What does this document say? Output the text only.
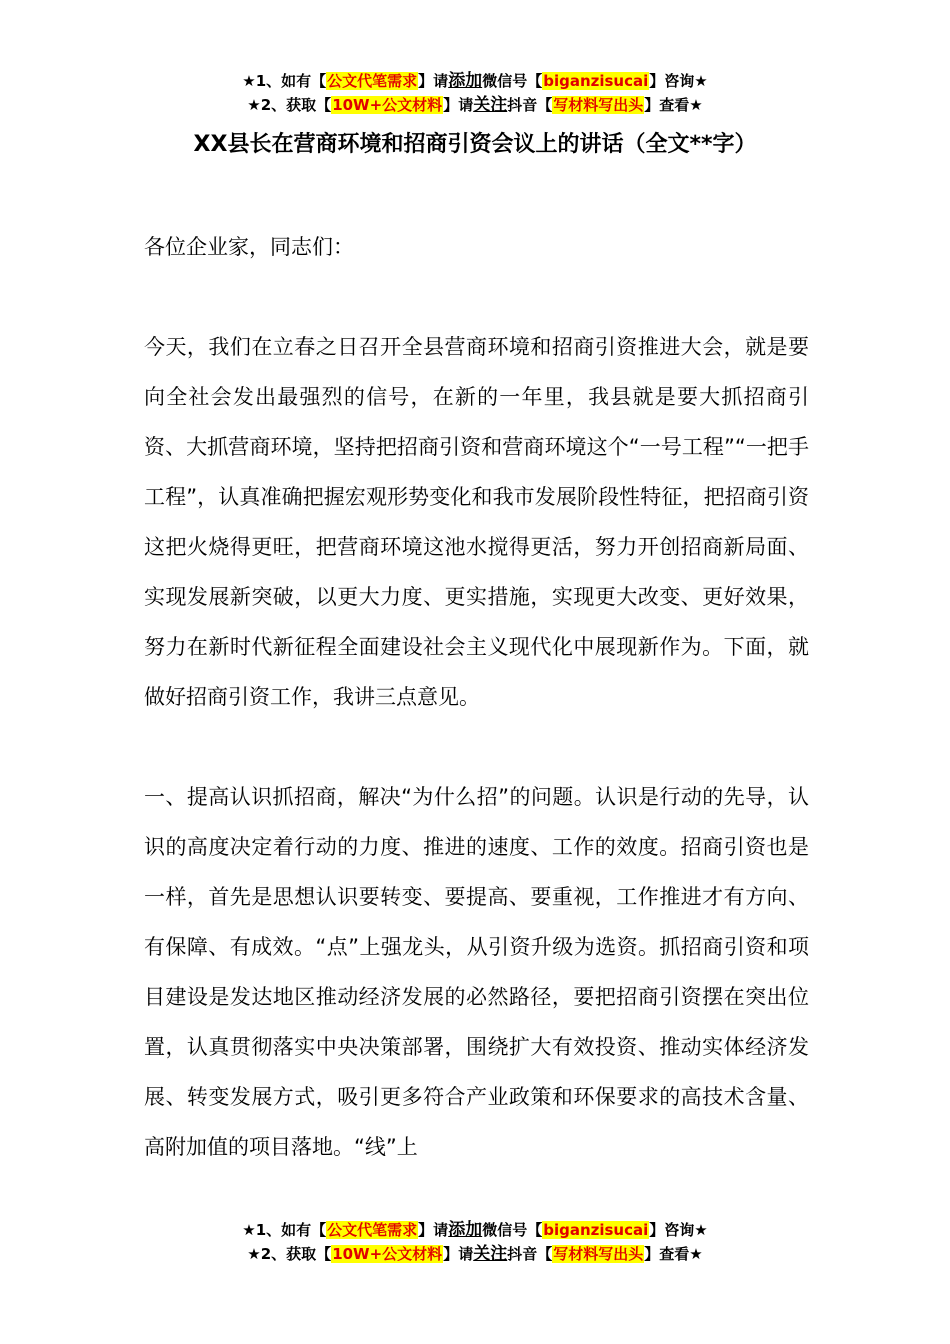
★1、如有【公文代笔需求】请添加微信号【biganzisucai】咨询★
★2、获取【10W+公文材料】请关注抖音【写材料写出头】查看★
XX县长在营商环境和招商引资会议上的讲话（全文**字）

各位企业家，同志们：

今天，我们在立春之日召开全县营商环境和招商引资推进大会，就是要向全社会发出最强烈的信号，在新的一年里，我县就是要大抓招商引资、大抓营商环境，坚持把招商引资和营商环境这个“一号工程”“一把手工程”，认真准确把握宏观形势变化和我市发展阶段性特征，把招商引资这把火烧得更旺，把营商环境这池水搅得更活，努力开创招商新局面、实现发展新突破，以更大力度、更实措施，实现更大改变、更好效果，努力在新时代新征程全面建设社会主义现代化中展现新作为。下面，就做好招商引资工作，我讲三点意见。

一、提高认识抓招商，解决“为什么招”的问题。认识是行动的先导，认识的高度决定着行动的力度、推进的速度、工作的效度。招商引资也是一样，首先是思想认识要转变、要提高、要重视，工作推进才有方向、有保障、有成效。“点”上强龙头，从引资升级为选资。抓招商引资和项目建设是发达地区推动经济发展的必然路径，要把招商引资摆在突出位置，认真贯彻落实中央决策部署，围绕扩大有效投资、推动实体经济发展、转变发展方式，吸引更多符合产业政策和环保要求的高技术含量、高附加值的项目落地。“线”上

★1、如有【公文代笔需求】请添加微信号【biganzisucai】咨询★
★2、获取【10W+公文材料】请关注抖音【写材料写出头】查看★
